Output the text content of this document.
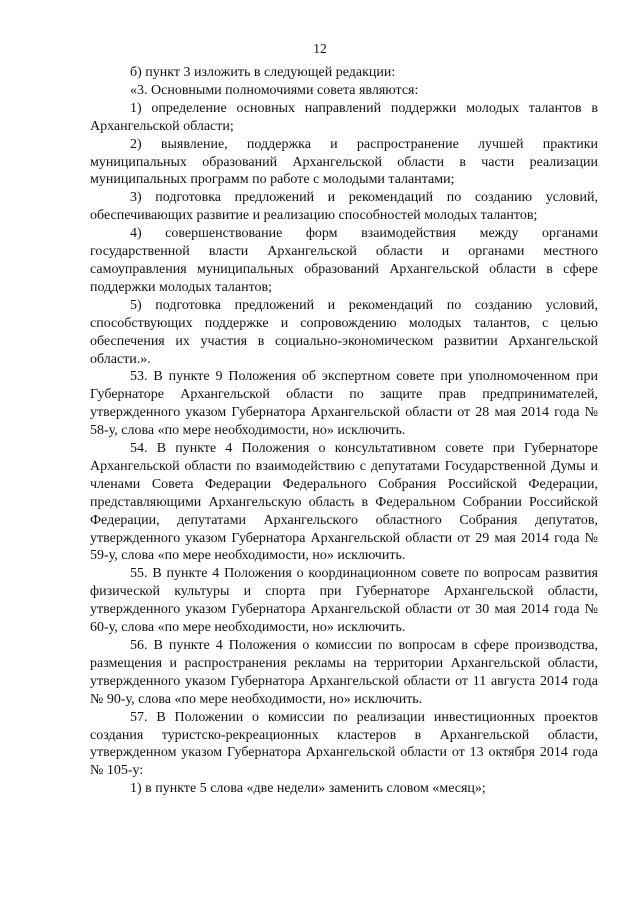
12

б) пункт 3 изложить в следующей редакции:

«3. Основными полномочиями совета являются:

1) определение основных направлений поддержки молодых талантов в Архангельской области;

2) выявление, поддержка и распространение лучшей практики муниципальных образований Архангельской области в части реализации муниципальных программ по работе с молодыми талантами;

3) подготовка предложений и рекомендаций по созданию условий, обеспечивающих развитие и реализацию способностей молодых талантов;

4) совершенствование форм взаимодействия между органами государственной власти Архангельской области и органами местного самоуправления муниципальных образований Архангельской области в сфере поддержки молодых талантов;

5) подготовка предложений и рекомендаций по созданию условий, способствующих поддержке и сопровождению молодых талантов, с целью обеспечения их участия в социально-экономическом развитии Архангельской области.».

53. В пункте 9 Положения об экспертном совете при уполномоченном при Губернаторе Архангельской области по защите прав предпринимателей, утвержденного указом Губернатора Архангельской области от 28 мая 2014 года № 58-у, слова «по мере необходимости, но» исключить.

54. В пункте 4 Положения о консультативном совете при Губернаторе Архангельской области по взаимодействию с депутатами Государственной Думы и членами Совета Федерации Федерального Собрания Российской Федерации, представляющими Архангельскую область в Федеральном Собрании Российской Федерации, депутатами Архангельского областного Собрания депутатов, утвержденного указом Губернатора Архангельской области от 29 мая 2014 года № 59-у, слова «по мере необходимости, но» исключить.

55. В пункте 4 Положения о координационном совете по вопросам развития физической культуры и спорта при Губернаторе Архангельской области, утвержденного указом Губернатора Архангельской области от 30 мая 2014 года № 60-у, слова «по мере необходимости, но» исключить.

56. В пункте 4 Положения о комиссии по вопросам в сфере производства, размещения и распространения рекламы на территории Архангельской области, утвержденного указом Губернатора Архангельской области от 11 августа 2014 года № 90-у, слова «по мере необходимости, но» исключить.

57. В Положении о комиссии по реализации инвестиционных проектов создания туристско-рекреационных кластеров в Архангельской области, утвержденном указом Губернатора Архангельской области от 13 октября 2014 года № 105-у:

1) в пункте 5 слова «две недели» заменить словом «месяц»;
